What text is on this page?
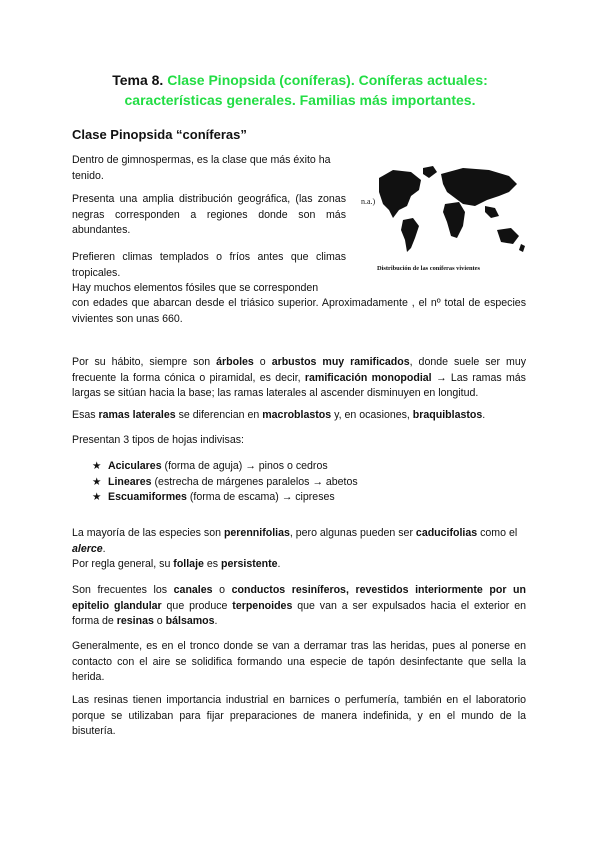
Tema 8. Clase Pinopsida (coníferas). Coníferas actuales:
características generales. Familias más importantes.
Clase Pinopsida “coníferas”
Dentro de gimnospermas, es la clase que más éxito ha tenido.
Presenta una amplia distribución geográfica, (las zonas negras corresponden a regiones donde son más abundantes.
Prefieren climas templados o fríos antes que climas tropicales.
Hay muchos elementos fósiles que se corresponden
con edades que abarcan desde el triásico superior. Aproximadamente , el nº total de especies vivientes son unas 660.
n.a.)
Distribución de las coníferas vivientes
Por su hábito, siempre son árboles o arbustos muy ramificados, donde suele ser muy frecuente la forma cónica o piramidal, es decir, ramificación monopodial → Las ramas más largas se sitúan hacia la base; las ramas laterales al ascender disminuyen en longitud.
Esas ramas laterales se diferencian en macroblastos y, en ocasiones, braquiblastos.
Presentan 3 tipos de hojas indivisas:
★ Aciculares (forma de aguja) → pinos o cedros
★ Lineares (estrecha de márgenes paralelos → abetos
★ Escuamiformes (forma de escama) → cipreses
La mayoría de las especies son perennifolias, pero algunas pueden ser caducifolias como el alerce.
Por regla general, su follaje es persistente.
Son frecuentes los canales o conductos resiníferos, revestidos interiormente por un epitelio glandular que produce terpenoides que van a ser expulsados hacia el exterior en forma de resinas o bálsamos.
Generalmente, es en el tronco donde se van a derramar tras las heridas, pues al ponerse en contacto con el aire se solidifica formando una especie de tapón desinfectante que sella la herida.
Las resinas tienen importancia industrial en barnices o perfumería, también en el laboratorio porque se utilizaban para fijar preparaciones de manera indefinida, y en el mundo de la bisutería.
